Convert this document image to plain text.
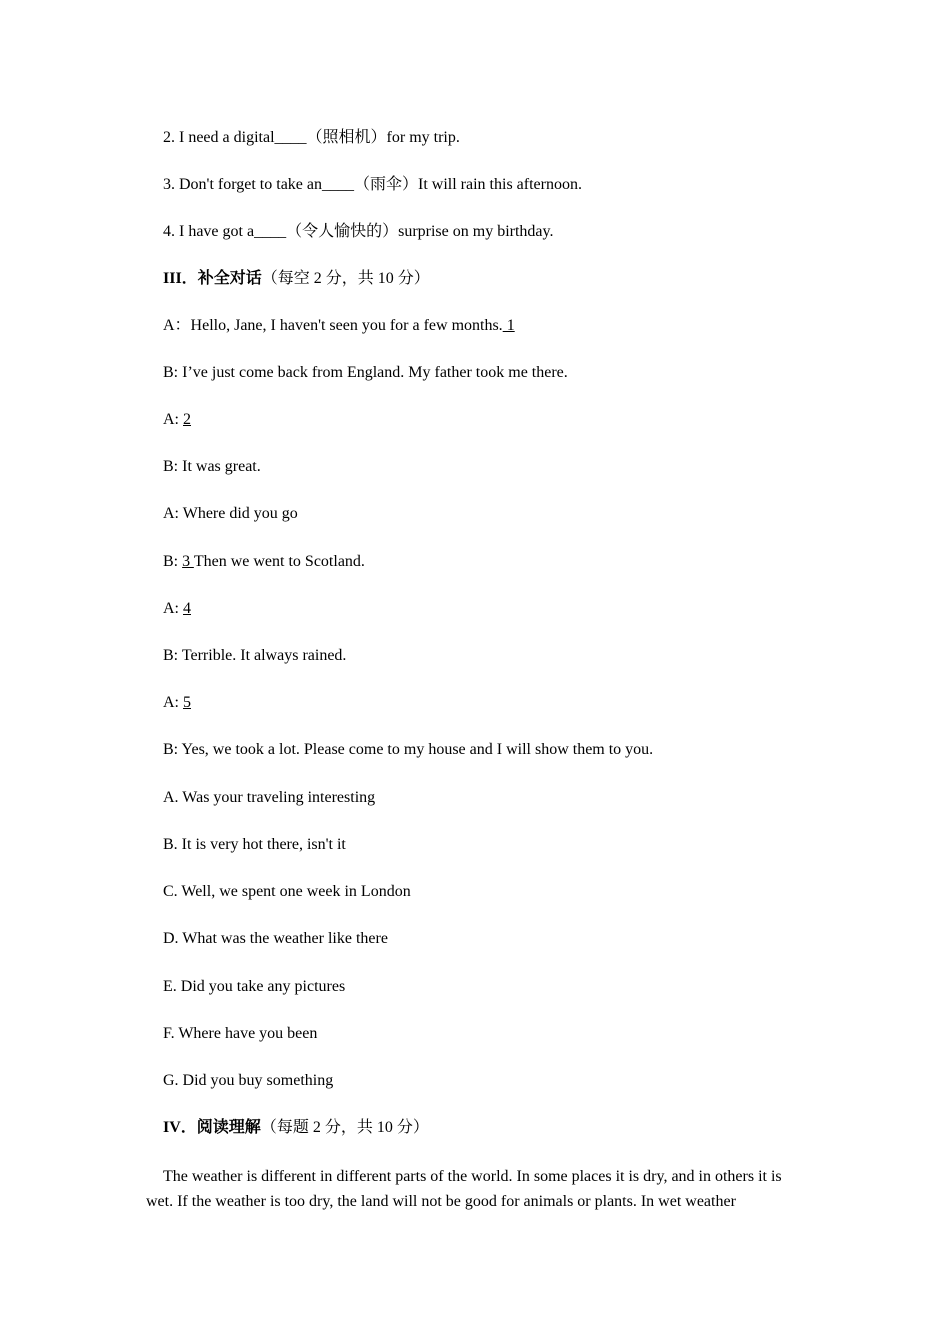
2. I need a digital____（照相机）for my trip.
3. Don't forget to take an____（雨伞）It will rain this afternoon.
4. I have got a____（令人愉快的）surprise on my birthday.
III．补全对话（每空 2 分，共 10 分）
A：Hello, Jane, I haven't seen you for a few months. 1
B: I’ve just come back from England. My father took me there.
A: 2
B: It was great.
A: Where did you go
B: 3 Then we went to Scotland.
A: 4
B: Terrible. It always rained.
A: 5
B: Yes, we took a lot. Please come to my house and I will show them to you.
A. Was your traveling interesting
B. It is very hot there, isn't it
C. Well, we spent one week in London
D. What was the weather like there
E. Did you take any pictures
F. Where have you been
G. Did you buy something
IV．阅读理解（每题 2 分，共 10 分）
The weather is different in different parts of the world. In some places it is dry, and in others it is wet. If the weather is too dry, the land will not be good for animals or plants. In wet weather
